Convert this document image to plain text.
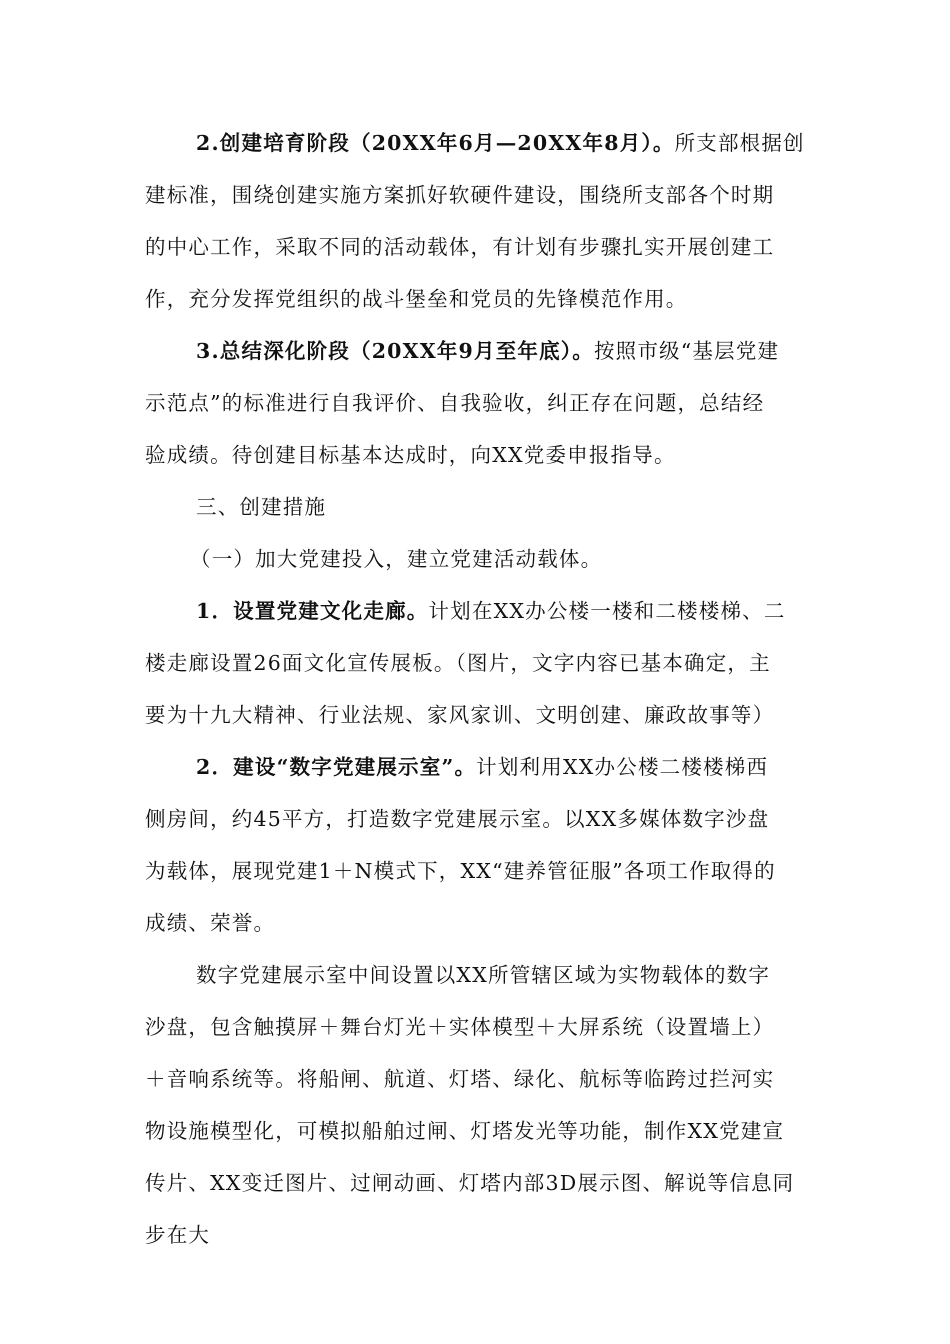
2.创建培育阶段（20XX年6月—20XX年8月）。所支部根据创
建标准，围绕创建实施方案抓好软硬件建设，围绕所支部各个时期
的中心工作，采取不同的活动载体，有计划有步骤扎实开展创建工
作，充分发挥党组织的战斗堡垒和党员的先锋模范作用。
3.总结深化阶段（20XX年9月至年底）。按照市级“基层党建
示范点”的标准进行自我评价、自我验收，纠正存在问题，总结经
验成绩。待创建目标基本达成时，向XX党委申报指导。
三、创建措施
（一）加大党建投入，建立党建活动载体。
1．设置党建文化走廊。计划在XX办公楼一楼和二楼楼梯、二
楼走廊设置26面文化宣传展板。（图片，文字内容已基本确定，主
要为十九大精神、行业法规、家风家训、文明创建、廉政故事等）
2．建设“数字党建展示室”。计划利用XX办公楼二楼楼梯西
侧房间，约45平方，打造数字党建展示室。以XX多媒体数字沙盘
为载体，展现党建1＋N模式下，XX“建养管征服”各项工作取得的
成绩、荣誉。
数字党建展示室中间设置以XX所管辖区域为实物载体的数字
沙盘，包含触摸屏＋舞台灯光＋实体模型＋大屏系统（设置墙上）
＋音响系统等。将船闸、航道、灯塔、绿化、航标等临跨过拦河实
物设施模型化，可模拟船舶过闸、灯塔发光等功能，制作XX党建宣
传片、XX变迁图片、过闸动画、灯塔内部3D展示图、解说等信息同
步在大
